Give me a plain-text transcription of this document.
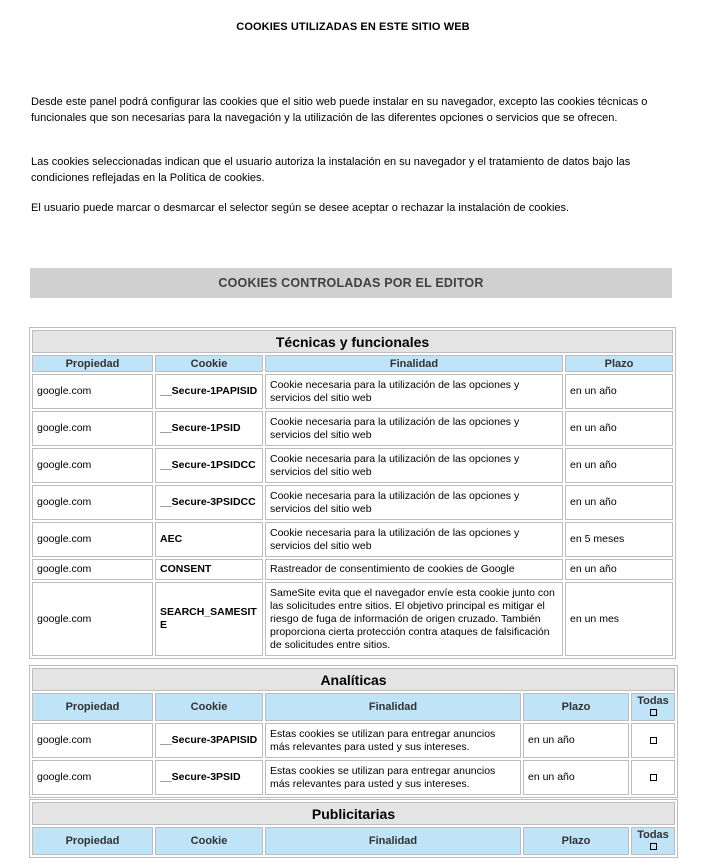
COOKIES UTILIZADAS EN ESTE SITIO WEB

Desde este panel podrá configurar las cookies que el sitio web puede instalar en su navegador, excepto las cookies técnicas o funcionales que son necesarias para la navegación y la utilización de las diferentes opciones o servicios que se ofrecen.

Las cookies seleccionadas indican que el usuario autoriza la instalación en su navegador y el tratamiento de datos bajo las condiciones reflejadas en la Política de cookies.

El usuario puede marcar o desmarcar el selector según se desee aceptar o rechazar la instalación de cookies.

COOKIES CONTROLADAS POR EL EDITOR
Técnicas y funcionales			
Propiedad	Cookie	Finalidad	Plazo
google.com	__Secure-1PAPISID	Cookie necesaria para la utilización de las opciones y servicios del sitio web	en un año
google.com	__Secure-1PSID	Cookie necesaria para la utilización de las opciones y servicios del sitio web	en un año
google.com	__Secure-1PSIDCC	Cookie necesaria para la utilización de las opciones y servicios del sitio web	en un año
google.com	__Secure-3PSIDCC	Cookie necesaria para la utilización de las opciones y servicios del sitio web	en un año
google.com	AEC	Cookie necesaria para la utilización de las opciones y servicios del sitio web	en 5 meses
google.com	CONSENT	Rastreador de consentimiento de cookies de Google	en un año
google.com	SEARCH_SAMESITE	SameSite evita que el navegador envíe esta cookie junto con las solicitudes entre sitios. El objetivo principal es mitigar el riesgo de fuga de información de origen cruzado. También proporciona cierta protección contra ataques de falsificación de solicitudes entre sitios.	en un mes
Analíticas				
Propiedad	Cookie	Finalidad	Plazo	Todas

google.com	__Secure-3PAPISID	Estas cookies se utilizan para entregar anuncios más relevantes para usted y sus intereses.	en un año	
google.com	__Secure-3PSID	Estas cookies se utilizan para entregar anuncios más relevantes para usted y sus intereses.	en un año	
Publicitarias
Propiedad	Cookie	Finalidad	Plazo	Todas
